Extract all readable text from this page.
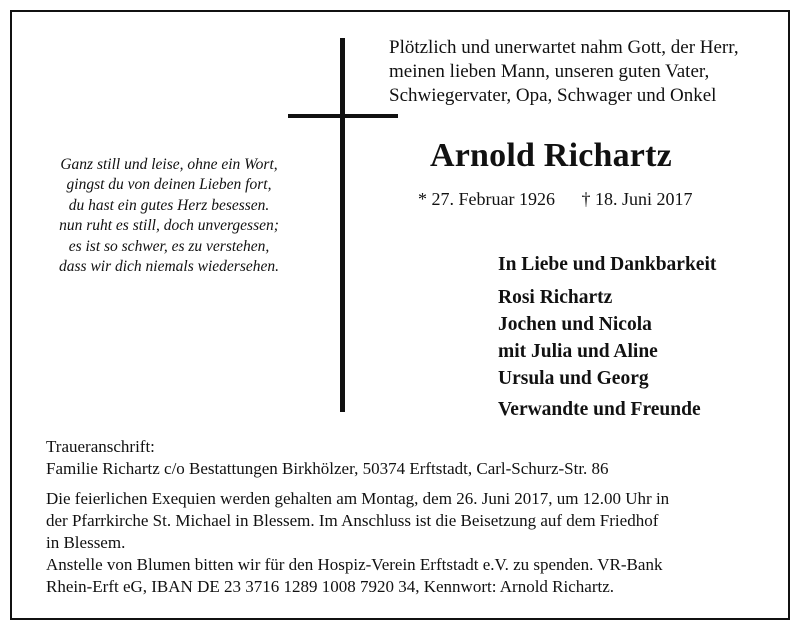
Plötzlich und unerwartet nahm Gott, der Herr,
meinen lieben Mann, unseren guten Vater,
Schwiegervater, Opa, Schwager und Onkel
Ganz still und leise, ohne ein Wort,
gingst du von deinen Lieben fort,
du hast ein gutes Herz besessen.
nun ruht es still, doch unvergessen;
es ist so schwer, es zu verstehen,
dass wir dich niemals wiedersehen.
Arnold Richartz
* 27. Februar 1926 † 18. Juni 2017
In Liebe und Dankbarkeit
Rosi Richartz
Jochen und Nicola
mit Julia und Aline
Ursula und Georg
Verwandte und Freunde
Traueranschrift:
Familie Richartz c/o Bestattungen Birkhölzer, 50374 Erftstadt, Carl-Schurz-Str. 86
Die feierlichen Exequien werden gehalten am Montag, dem 26. Juni 2017, um 12.00 Uhr in
der Pfarrkirche St. Michael in Blessem. Im Anschluss ist die Beisetzung auf dem Friedhof
in Blessem.
Anstelle von Blumen bitten wir für den Hospiz-Verein Erftstadt e.V. zu spenden. VR-Bank
Rhein-Erft eG, IBAN DE 23 3716 1289 1008 7920 34, Kennwort: Arnold Richartz.
